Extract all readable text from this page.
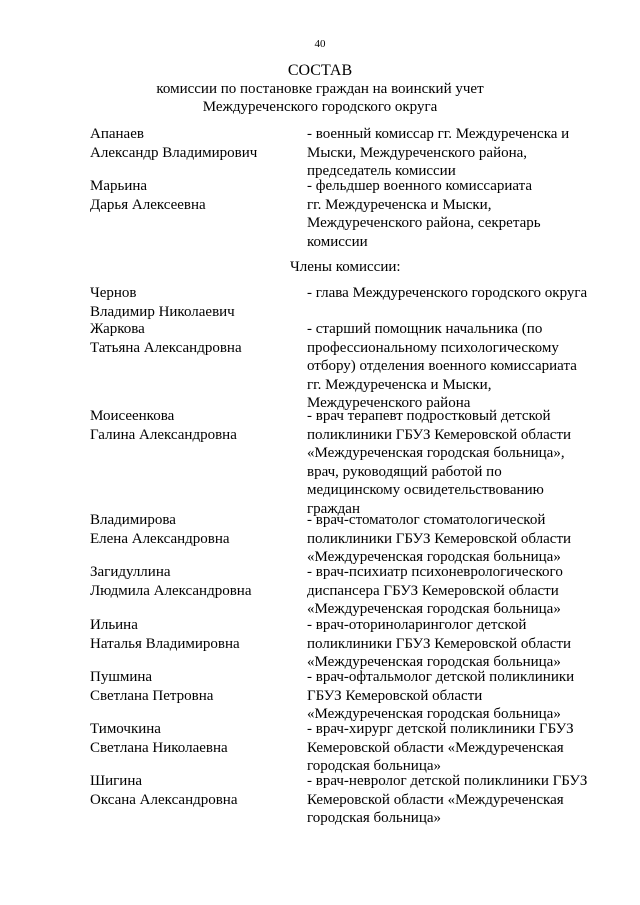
40
СОСТАВ
комиссии по постановке граждан на воинский учет
Междуреченского городского округа
Апанаев
Александр Владимирович
- военный комиссар гг. Междуреченска и
Мыски, Междуреченского района,
председатель комиссии
Марьина
Дарья Алексеевна
- фельдшер военного комиссариата
гг. Междуреченска и Мыски,
Междуреченского района, секретарь
комиссии
Члены комиссии:
Чернов
Владимир Николаевич
- глава Междуреченского городского округа
Жаркова
Татьяна Александровна
- старший помощник начальника (по
профессиональному психологическому
отбору) отделения военного комиссариата
гг. Междуреченска и Мыски,
Междуреченского района
Моисеенкова
Галина Александровна
- врач терапевт подростковый детской
поликлиники ГБУЗ Кемеровской области
«Междуреченская городская больница»,
врач, руководящий работой по
медицинскому освидетельствованию
граждан
Владимирова
Елена Александровна
- врач-стоматолог стоматологической
поликлиники ГБУЗ Кемеровской области
«Междуреченская городская больница»
Загидуллина
Людмила Александровна
- врач-психиатр психоневрологического
диспансера ГБУЗ Кемеровской области
«Междуреченская городская больница»
Ильина
Наталья Владимировна
- врач-оториноларинголог детской
поликлиники ГБУЗ Кемеровской области
«Междуреченская городская больница»
Пушмина
Светлана Петровна
- врач-офтальмолог детской поликлиники
ГБУЗ Кемеровской области
«Междуреченская городская больница»
Тимочкина
Светлана Николаевна
- врач-хирург детской поликлиники ГБУЗ
Кемеровской области «Междуреченская
городская больница»
Шигина
Оксана Александровна
- врач-невролог детской поликлиники ГБУЗ
Кемеровской области «Междуреченская
городская больница»
